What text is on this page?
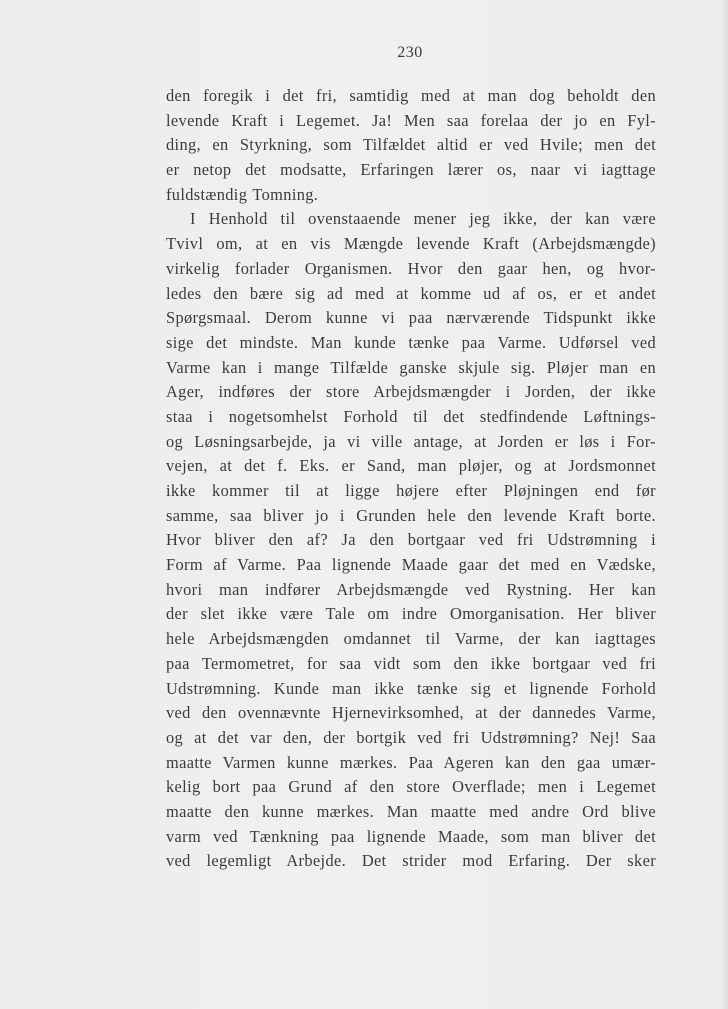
230
den foregik i det fri, samtidig med at man dog beholdt den
levende Kraft i Legemet. Ja! Men saa forelaa der jo en Fyl-
ding, en Styrkning, som Tilfældet altid er ved Hvile; men det
er netop det modsatte, Erfaringen lærer os, naar vi iagttage
fuldstændig Tomning.
I Henhold til ovenstaaende mener jeg ikke, der kan være
Tvivl om, at en vis Mængde levende Kraft (Arbejdsmængde)
virkelig forlader Organismen. Hvor den gaar hen, og hvor-
ledes den bære sig ad med at komme ud af os, er et andet
Spørgsmaal. Derom kunne vi paa nærværende Tidspunkt ikke
sige det mindste. Man kunde tænke paa Varme. Udførsel ved
Varme kan i mange Tilfælde ganske skjule sig. Pløjer man en
Ager, indføres der store Arbejdsmængder i Jorden, der ikke
staa i nogetsomhelst Forhold til det stedfindende Løftnings-
og Løsningsarbejde, ja vi ville antage, at Jorden er løs i For-
vejen, at det f. Eks. er Sand, man pløjer, og at Jordsmonnet
ikke kommer til at ligge højere efter Pløjningen end før
samme, saa bliver jo i Grunden hele den levende Kraft borte.
Hvor bliver den af? Ja den bortgaar ved fri Udstrømning i
Form af Varme. Paa lignende Maade gaar det med en Vædske,
hvori man indfører Arbejdsmængde ved Rystning. Her kan
der slet ikke være Tale om indre Omorganisation. Her bliver
hele Arbejdsmængden omdannet til Varme, der kan iagttages
paa Termometret, for saa vidt som den ikke bortgaar ved fri
Udstrømning. Kunde man ikke tænke sig et lignende Forhold
ved den ovennævnte Hjernevirksomhed, at der dannedes Varme,
og at det var den, der bortgik ved fri Udstrømning? Nej! Saa
maatte Varmen kunne mærkes. Paa Ageren kan den gaa umær-
kelig bort paa Grund af den store Overflade; men i Legemet
maatte den kunne mærkes. Man maatte med andre Ord blive
varm ved Tænkning paa lignende Maade, som man bliver det
ved legemligt Arbejde. Det strider mod Erfaring. Der sker
